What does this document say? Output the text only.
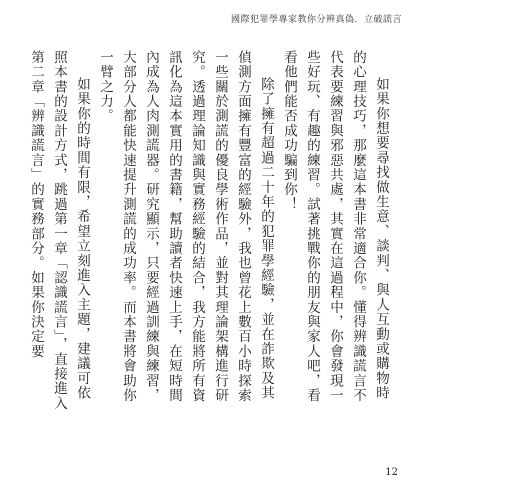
國際犯罪學專家教你分辨真偽．立破謊言

如果你想要尋找做生意、談判、與人互動或購物時的心理技巧，那麼這本書非常適合你。懂得辨識謊言不代表要練習與邪惡共處，其實在這過程中，你會發現一些好玩、有趣的練習。試著挑戰你的朋友與家人吧，看看他們能否成功騙到你！

除了擁有超過二十年的犯罪學經驗，並在詐欺及其偵測方面擁有豐富的經驗外，我也曾花上數百小時探索一些關於測謊的優良學術作品，並對其理論架構進行研究。透過理論知識與實務經驗的結合，我方能將所有資訊化為這本實用的書籍，幫助讀者快速上手，在短時間內成為人肉測謊器。研究顯示，只要經過訓練與練習，大部分人都能快速提升測謊的成功率。而本書將會助你一臂之力。

如果你的時間有限，希望立刻進入主題，建議可依照本書的設計方式，跳過第一章「認識謊言」，直接進入第二章「辨識謊言」的實務部分。如果你決定要

12
